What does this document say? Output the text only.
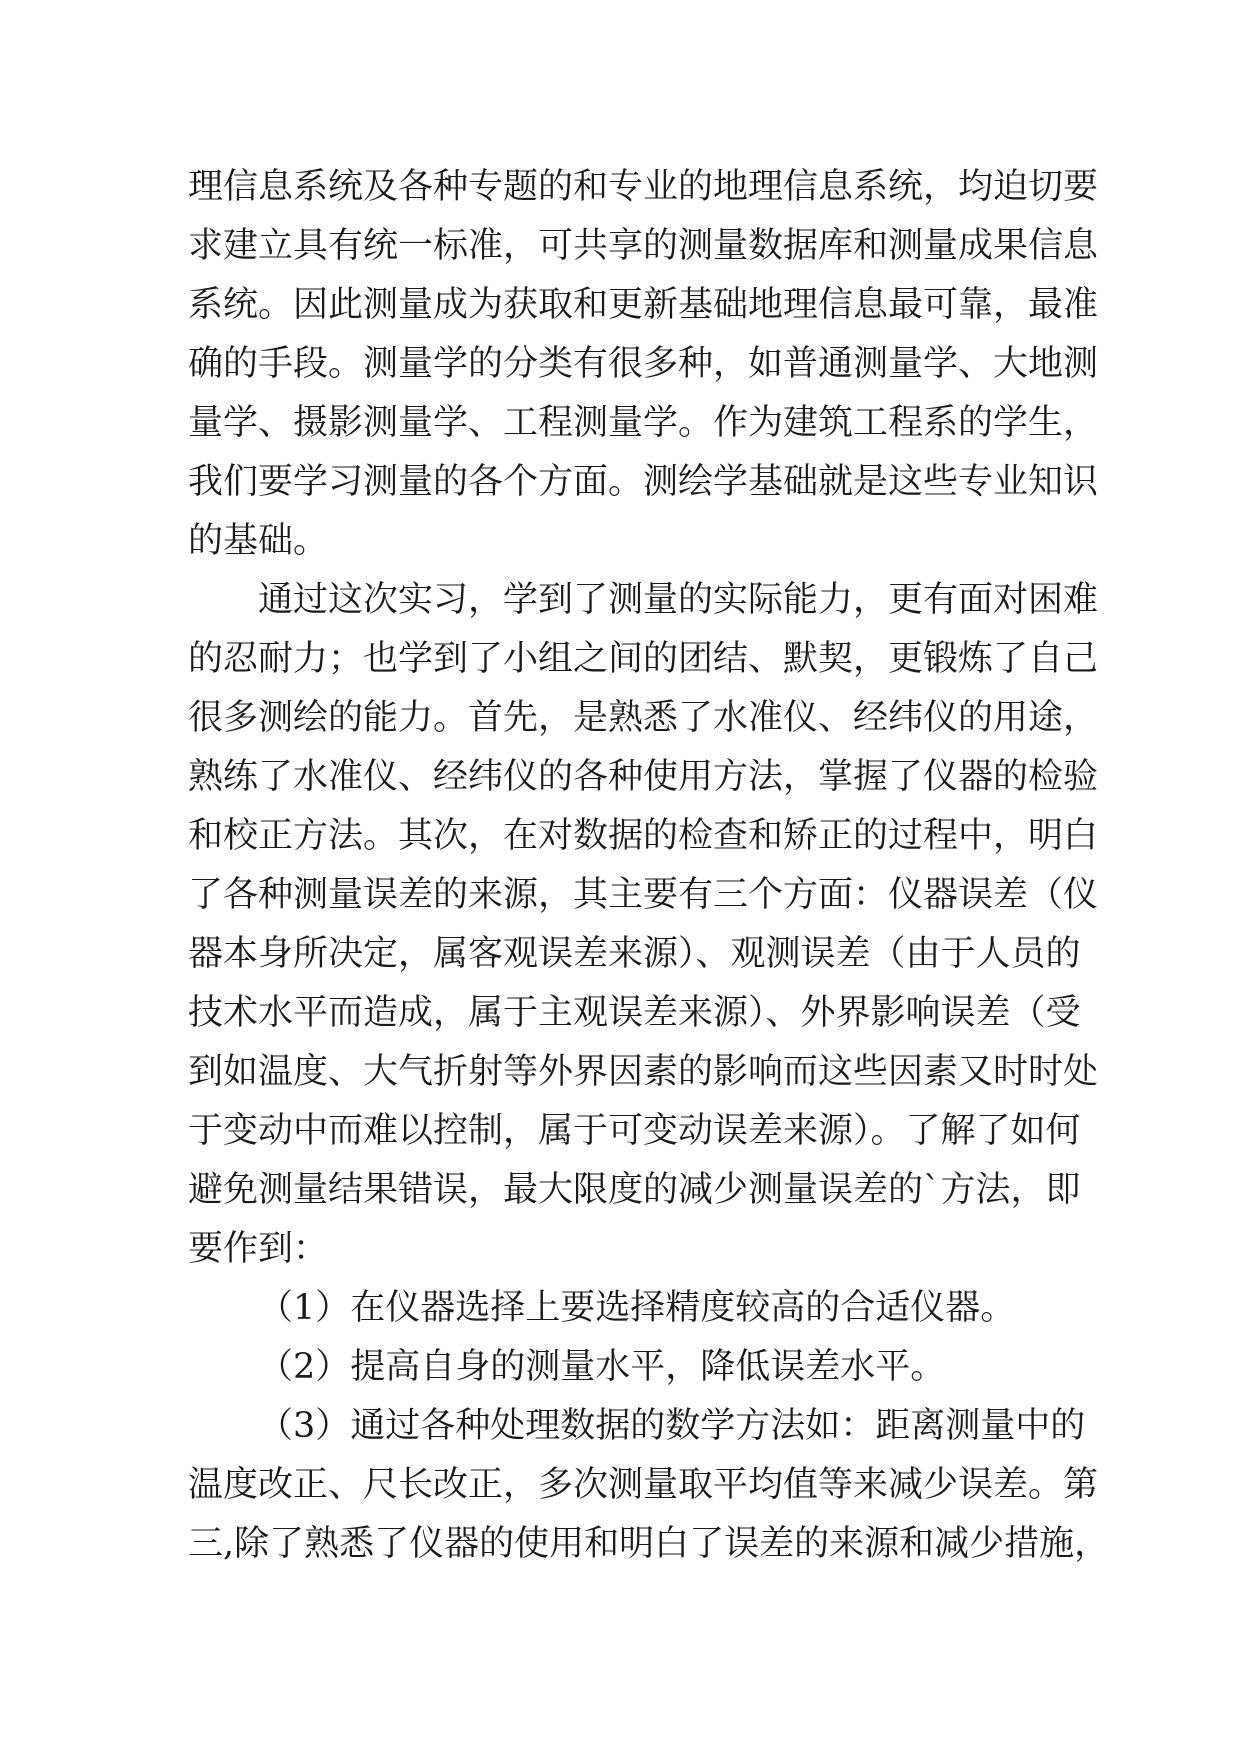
理信息系统及各种专题的和专业的地理信息系统，均迫切要
求建立具有统一标准，可共享的测量数据库和测量成果信息
系统。因此测量成为获取和更新基础地理信息最可靠，最准
确的手段。测量学的分类有很多种，如普通测量学、大地测
量学、摄影测量学、工程测量学。作为建筑工程系的学生，
我们要学习测量的各个方面。测绘学基础就是这些专业知识
的基础。
通过这次实习，学到了测量的实际能力，更有面对困难
的忍耐力；也学到了小组之间的团结、默契，更锻炼了自己
很多测绘的能力。首先，是熟悉了水准仪、经纬仪的用途，
熟练了水准仪、经纬仪的各种使用方法，掌握了仪器的检验
和校正方法。其次，在对数据的检查和矫正的过程中，明白
了各种测量误差的来源，其主要有三个方面：仪器误差（仪
器本身所决定，属客观误差来源）、观测误差（由于人员的
技术水平而造成，属于主观误差来源）、外界影响误差（受
到如温度、大气折射等外界因素的影响而这些因素又时时处
于变动中而难以控制，属于可变动误差来源）。了解了如何
避免测量结果错误，最大限度的减少测量误差的`方法，即
要作到：
（1）在仪器选择上要选择精度较高的合适仪器。
（2）提高自身的测量水平，降低误差水平。
（3）通过各种处理数据的数学方法如：距离测量中的
温度改正、尺长改正，多次测量取平均值等来减少误差。第
三,除了熟悉了仪器的使用和明白了误差的来源和减少措施，
